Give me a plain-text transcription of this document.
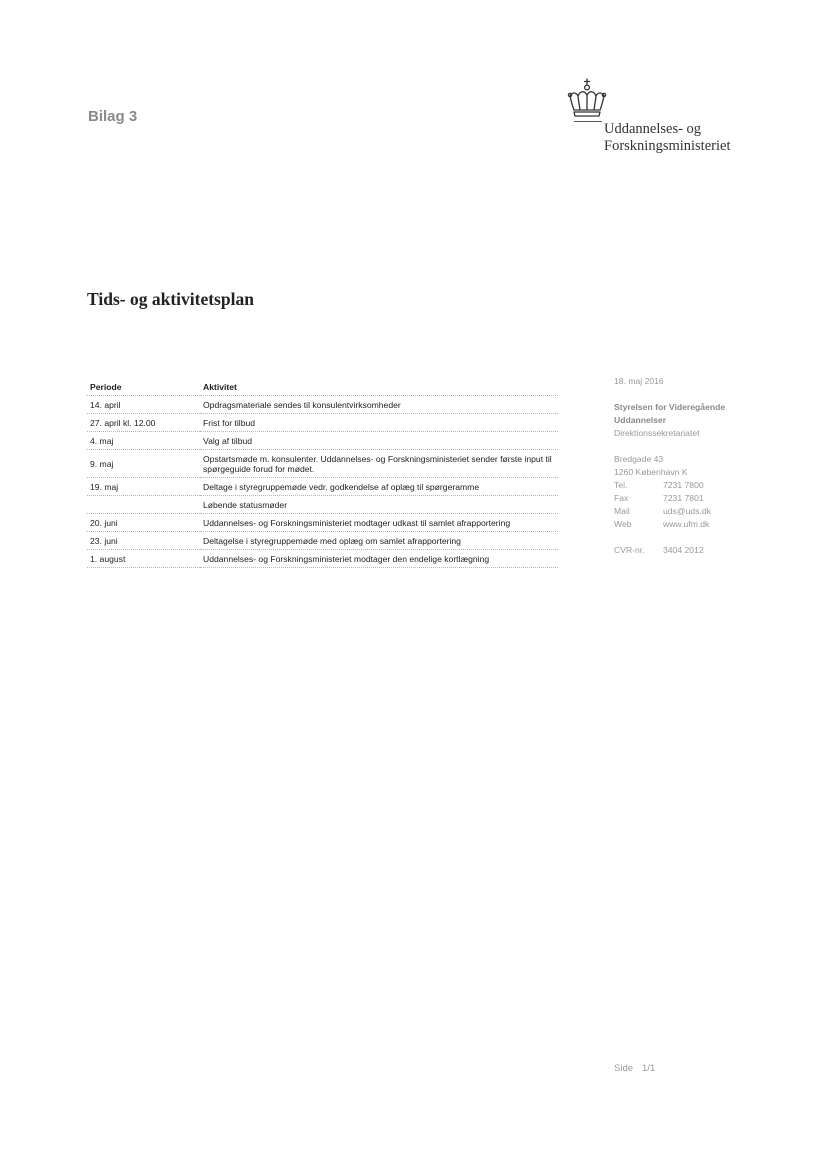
Bilag 3
Uddannelses- og
Forskningsministeriet
Tids- og aktivitetsplan
Periode	Aktivitet
14. april	Opdragsmateriale sendes til konsulentvirksomheder
27. april kl. 12.00	Frist for tilbud
4. maj	Valg af tilbud
9. maj	Opstartsmøde m. konsulenter. Uddannelses- og Forskningsministeriet sender første input til spørgeguide forud for mødet.
19. maj	Deltage i styregruppemøde vedr. godkendelse af oplæg til spørgeramme
	Løbende statusmøder
20. juni	Uddannelses- og Forskningsministeriet modtager udkast til samlet afrapportering
23. juni	Deltagelse i styregruppemøde med oplæg om samlet afrapportering
1. august	Uddannelses- og Forskningsministeriet modtager den endelige kortlægning
18. maj 2016
Styrelsen for Videregående
Uddannelser
Direktionssekretariatet
Bredgade 43
1260 København K
Tel.	7231 7800
Fax	7231 7801
Mail	uds@uds.dk
Web	www.ufm.dk
CVR-nr.	3404 2012
Side 1/1
